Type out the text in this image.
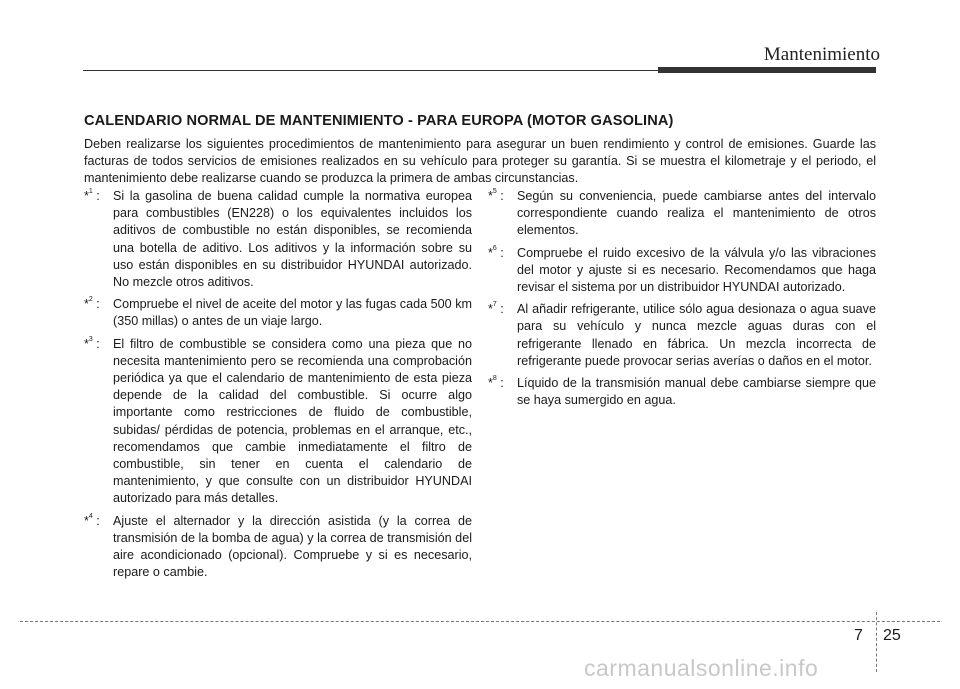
Mantenimiento
CALENDARIO NORMAL DE MANTENIMIENTO - PARA EUROPA (MOTOR GASOLINA)
Deben realizarse los siguientes procedimientos de mantenimiento para asegurar un buen rendimiento y control de emisiones. Guarde las facturas de todos servicios de emisiones realizados en su vehículo para proteger su garantía. Si se muestra el kilometraje y el periodo, el mantenimiento debe realizarse cuando se produzca la primera de ambas circunstancias.
*$^1$ : Si la gasolina de buena calidad cumple la normativa europea para combustibles (EN228) o los equivalentes incluidos los aditivos de combustible no están disponibles, se recomienda una botella de aditivo. Los aditivos y la información sobre su uso están disponibles en su distribuidor HYUNDAI autorizado. No mezcle otros aditivos.
*$^2$ : Compruebe el nivel de aceite del motor y las fugas cada 500 km (350 millas) o antes de un viaje largo.
*$^3$ : El filtro de combustible se considera como una pieza que no necesita mantenimiento pero se recomienda una comprobación periódica ya que el calendario de mantenimiento de esta pieza depende de la calidad del combustible. Si ocurre algo importante como restricciones de fluido de combustible, subidas/ pérdidas de potencia, problemas en el arranque, etc., recomendamos que cambie inmediatamente el filtro de combustible, sin tener en cuenta el calendario de mantenimiento, y que consulte con un distribuidor HYUNDAI autorizado para más detalles.
*$^4$ : Ajuste el alternador y la dirección asistida (y la correa de transmisión de la bomba de agua) y la correa de transmisión del aire acondicionado (opcional). Compruebe y si es necesario, repare o cambie.
*$^5$ : Según su conveniencia, puede cambiarse antes del intervalo correspondiente cuando realiza el mantenimiento de otros elementos.
*$^6$ : Compruebe el ruido excesivo de la válvula y/o las vibraciones del motor y ajuste si es necesario. Recomendamos que haga revisar el sistema por un distribuidor HYUNDAI autorizado.
*$^7$ : Al añadir refrigerante, utilice sólo agua desionaza o agua suave para su vehículo y nunca mezcle aguas duras con el refrigerante llenado en fábrica. Un mezcla incorrecta de refrigerante puede provocar serias averías o daños en el motor.
*$^8$ : Líquido de la transmisión manual debe cambiarse siempre que se haya sumergido en agua.
7 25
carmanualsonline.info
